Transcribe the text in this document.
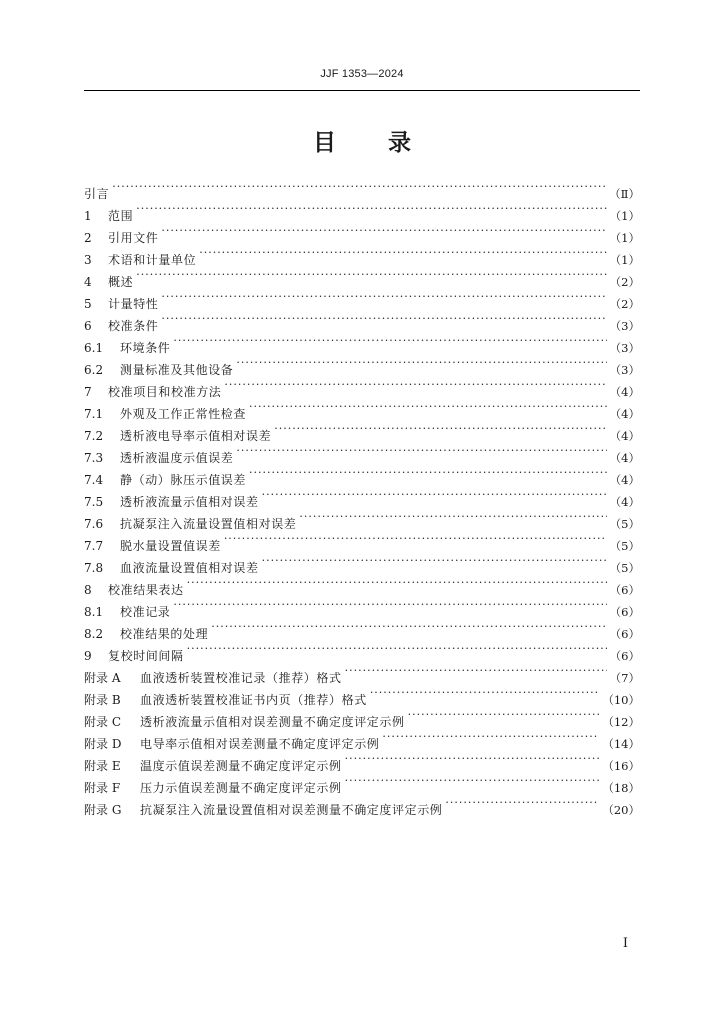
JJF 1353—2024
目 录
引言 ·····	（Ⅱ）
1	范围 ·····	（1）
2	引用文件 ·····	（1）
3	术语和计量单位 ·····	（1）
4	概述 ·····	（2）
5	计量特性 ·····	（2）
6	校准条件 ·····	（3）
6.1	环境条件 ·····	（3）
6.2	测量标准及其他设备 ·····	（3）
7	校准项目和校准方法 ·····	（4）
7.1	外观及工作正常性检查 ·····	（4）
7.2	透析液电导率示值相对误差 ·····	（4）
7.3	透析液温度示值误差 ·····	（4）
7.4	静（动）脉压示值误差 ·····	（4）
7.5	透析液流量示值相对误差 ·····	（4）
7.6	抗凝泵注入流量设置值相对误差 ·····	（5）
7.7	脱水量设置值误差 ·····	（5）
7.8	血液流量设置值相对误差 ·····	（5）
8	校准结果表达 ·····	（6）
8.1	校准记录 ·····	（6）
8.2	校准结果的处理 ·····	（6）
9	复校时间间隔 ·····	（6）
附录 A	血液透析装置校准记录（推荐）格式 ·····	（7）
附录 B	血液透析装置校准证书内页（推荐）格式 ·····	（10）
附录 C	透析液流量示值相对误差测量不确定度评定示例 ·····	（12）
附录 D	电导率示值相对误差测量不确定度评定示例 ·····	（14）
附录 E	温度示值误差测量不确定度评定示例 ·····	（16）
附录 F	压力示值误差测量不确定度评定示例 ·····	（18）
附录 G	抗凝泵注入流量设置值相对误差测量不确定度评定示例 ·····	（20）
I
